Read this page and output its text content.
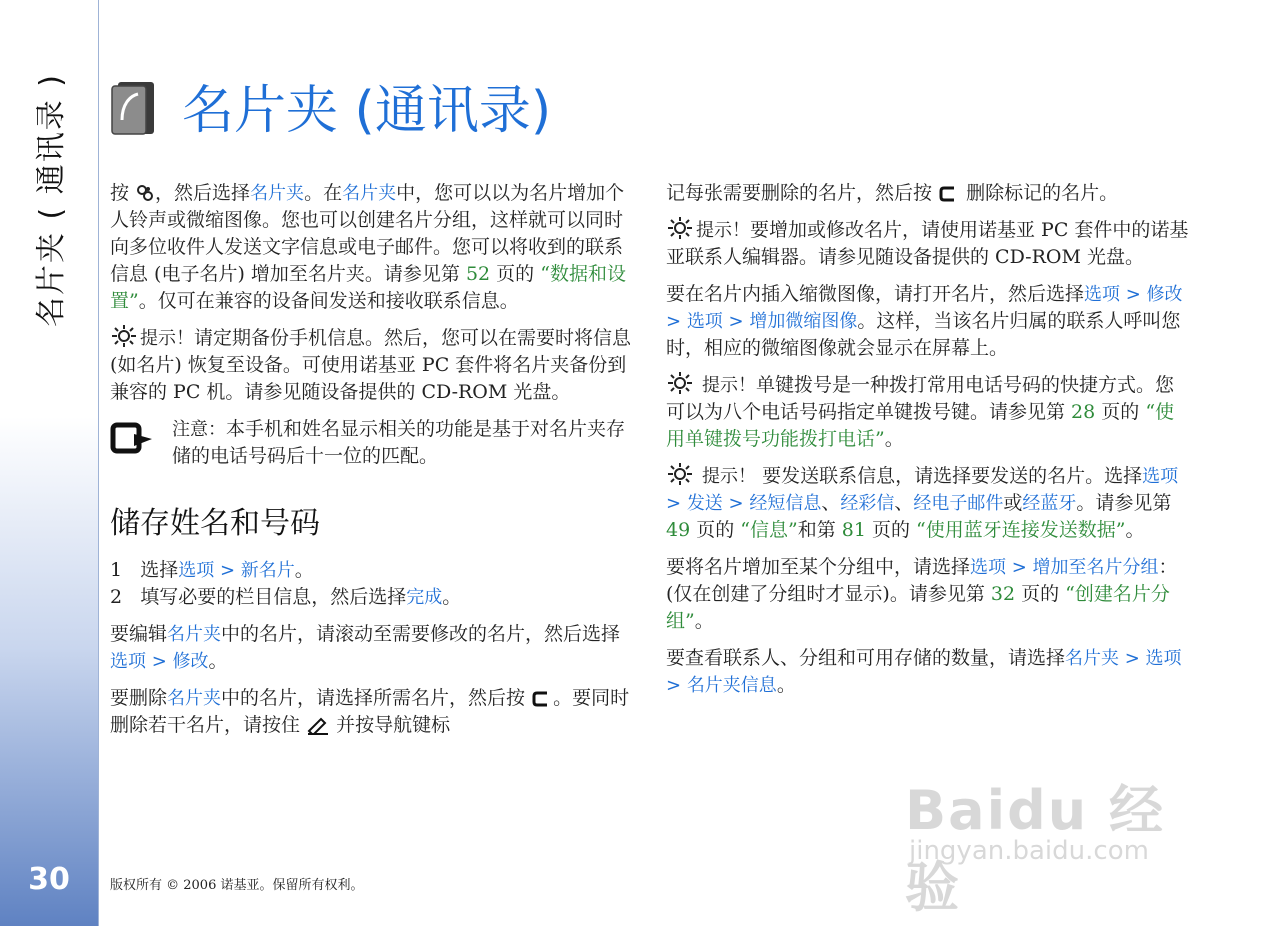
名片夹 ( 通讯录 )
30
名片夹 (通讯录)

按 ，然后选择名片夹。在名片夹中，您可以以为名片增加个人铃声或微缩图像。您也可以创建名片分组，这样就可以同时向多位收件人发送文字信息或电子邮件。您可以将收到的联系信息 (电子名片) 增加至名片夹。请参见第 52 页的 “数据和设置”。仅可在兼容的设备间发送和接收联系信息。

提示！请定期备份手机信息。然后，您可以在需要时将信息 (如名片) 恢复至设备。可使用诺基亚 PC 套件将名片夹备份到兼容的 PC 机。请参见随设备提供的 CD-ROM 光盘。

注意：本手机和姓名显示相关的功能是基于对名片夹存储的电话号码后十一位的匹配。
储存姓名和号码
1 选择选项 > 新名片。
2 填写必要的栏目信息，然后选择完成。

要编辑名片夹中的名片，请滚动至需要修改的名片，然后选择选项 > 修改。

要删除名片夹中的名片，请选择所需名片，然后按 。要同时删除若干名片，请按住  并按导航键标

记每张需要删除的名片，然后按  删除标记的名片。

提示！要增加或修改名片，请使用诺基亚 PC 套件中的诺基亚联系人编辑器。请参见随设备提供的 CD-ROM 光盘。

要在名片内插入缩微图像，请打开名片，然后选择选项 > 修改 > 选项 > 增加微缩图像。这样，当该名片归属的联系人呼叫您时，相应的微缩图像就会显示在屏幕上。

提示！单键拨号是一种拨打常用电话号码的快捷方式。您可以为八个电话号码指定单键拨号键。请参见第 28 页的 “使用单键拨号功能拨打电话”。

提示！ 要发送联系信息，请选择要发送的名片。选择选项 > 发送 > 经短信息、经彩信、经电子邮件或经蓝牙。请参见第 49 页的 “信息”和第 81 页的 “使用蓝牙连接发送数据”。

要将名片增加至某个分组中，请选择选项 > 增加至名片分组：(仅在创建了分组时才显示)。请参见第 32 页的 “创建名片分组”。

要查看联系人、分组和可用存储的数量，请选择名片夹 > 选项 > 名片夹信息。

版权所有 © 2006 诺基亚。保留所有权利。
Baidu 经验
jingyan.baidu.com
